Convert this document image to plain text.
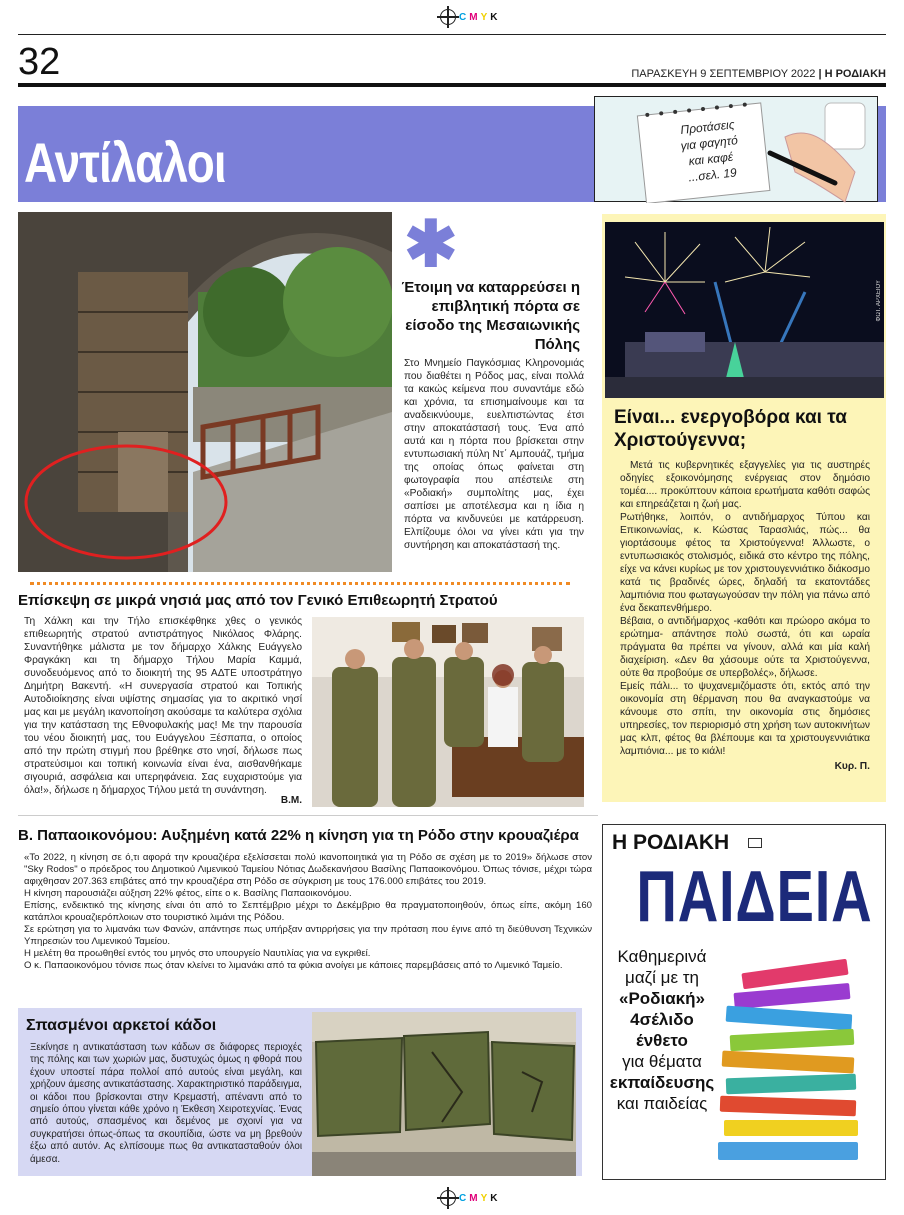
C M Y K
32	ΠΑΡΑΣΚΕΥΗ 9 ΣΕΠΤΕΜΒΡΙΟΥ 2022 | Η ΡΟΔΙΑΚΗ
Αντίλαλοι
Προτάσεις
για φαγητό
και καφέ
...σελ. 19
✱
Έτοιμη να καταρρεύσει η επιβλητική πόρτα σε είσοδο της Μεσαιωνικής Πόλης
Στο Μνημείο Παγκόσμιας Κληρονομιάς που διαθέτει η Ρόδος μας, είναι πολλά τα κακώς κείμενα που συναντάμε εδώ και χρόνια, τα επισημαίνουμε και τα αναδεικνύουμε, ευελπιστώντας έτσι στην αποκατάστασή τους. Ένα από αυτά και η πόρτα που βρίσκεται στην εντυπωσιακή πύλη Ντ΄ Αμπουάζ, τμήμα της οποίας όπως φαίνεται στη φωτογραφία που απέστειλε στη «Ροδιακή» συμπολίτης μας, έχει σαπίσει με αποτέλεσμα και η ίδια η πόρτα να κινδυνεύει με κατάρρευση. Ελπίζουμε όλοι να γίνει κάτι για την συντήρηση και αποκατάστασή της.
ΦΩΤ. ΑΡΧΕΙΟΥ
Είναι... ενεργοβόρα και τα Χριστούγεννα;

Μετά τις κυβερνητικές εξαγγελίες για τις αυστηρές οδηγίες εξοικονόμησης ενέργειας στον δημόσιο τομέα.... προκύπτουν κάποια ερωτήματα καθότι σαφώς και επηρεάζεται η ζωή μας.

Ρωτήθηκε, λοιπόν, ο αντιδήμαρχος Τύπου και Επικοινωνίας, κ. Κώστας Ταρασλιάς, πώς... θα γιορτάσουμε φέτος τα Χριστούγεννα! Άλλωστε, ο εντυπωσιακός στολισμός, ειδικά στο κέντρο της πόλης, είχε να κάνει κυρίως με τον χριστουγεννιάτικο διάκοσμο κατά τις βραδινές ώρες, δηλαδή τα εκατοντάδες λαμπιόνια που φωταγωγούσαν την πόλη για πάνω από ένα δεκαπενθήμερο.

Βέβαια, ο αντιδήμαρχος -καθότι και πρώορο ακόμα το ερώτημα- απάντησε πολύ σωστά, ότι και ωραία πράγματα θα πρέπει να γίνουν, αλλά και μία καλή διαχείριση. «Δεν θα χάσουμε ούτε τα Χριστούγεννα, ούτε θα προβούμε σε υπερβολές», δήλωσε.

Εμείς πάλι... το ψυχανεμιζόμαστε ότι, εκτός από την οικονομία στη θέρμανση που θα αναγκαστούμε να κάνουμε στο σπίτι, την οικονομία στις δημόσιες υπηρεσίες, τον περιορισμό στη χρήση των αυτοκινήτων μας κλπ, φέτος θα βλέπουμε και τα χριστουγεννιάτικα λαμπιόνια... με το κιάλι!

Κυρ. Π.

Επίσκεψη σε μικρά νησιά μας από τον Γενικό Επιθεωρητή Στρατού
Τη Χάλκη και την Τήλο επισκέφθηκε χθες ο γενικός επιθεωρητής στρατού αντιστράτηγος Νικόλαος Φλάρης. Συναντήθηκε μάλιστα με τον δήμαρχο Χάλκης Ευάγγελο Φραγκάκη και τη δήμαρχο Τήλου Μαρία Καμμά, συνοδευόμενος από το διοικητή της 95 ΑΔΤΕ υποστράτηγο Δημήτρη Βακεντή. «Η συνεργασία στρατού και Τοπικής Αυτοδιοίκησης είναι υψίστης σημασίας για το ακριτικό νησί μας και με μεγάλη ικανοποίηση ακούσαμε τα καλύτερα σχόλια για την κατάσταση της Εθνοφυλακής μας! Με την παρουσία του νέου διοικητή μας, του Ευάγγελου Ξέσπαπα, ο οποίος από την πρώτη στιγμή που βρέθηκε στο νησί, δήλωσε πως στρατεύσιμοι και τοπική κοινωνία είναι ένα, αισθανθήκαμε σιγουριά, ασφάλεια και υπερηφάνεια. Σας ευχαριστούμε για όλα!», δήλωσε η δήμαρχος Τήλου μετά τη συνάντηση.
Β.Μ.
Β. Παπαοικονόμου: Αυξημένη κατά 22% η κίνηση για τη Ρόδο στην κρουαζιέρα

«Το 2022, η κίνηση σε ό,τι αφορά την κρουαζιέρα εξελίσσεται πολύ ικανοποιητικά για τη Ρόδο σε σχέση με το 2019» δήλωσε στον "Sky Rodos" ο πρόεδρος του Δημοτικού Λιμενικού Ταμείου Νότιας Δωδεκανήσου Βασίλης Παπαοικονόμου. Όπως τόνισε, μέχρι τώρα αφιχθησαν 207.363 επιβάτες από την κρουαζιέρα στη Ρόδο σε σύγκριση με τους 176.000 επιβάτες του 2019.

Η κίνηση παρουσιάζει αύξηση 22% φέτος, είπε ο κ. Βασίλης Παπαοικονόμου.

Επίσης, ενδεικτικό της κίνησης είναι ότι από το Σεπτέμβριο μέχρι το Δεκέμβριο θα πραγματοποιηθούν, όπως είπε, ακόμη 160 κατάπλοι κρουαζιερόπλοιων στο τουριστικό λιμάνι της Ρόδου.

Σε ερώτηση για το λιμανάκι των Φανών, απάντησε πως υπήρξαν αντιρρήσεις για την πρόταση που έγινε από τη διεύθυνση Τεχνικών Υπηρεσιών του Λιμενικού Ταμείου.

Η μελέτη θα προωθηθεί εντός του μηνός στο υπουργείο Ναυτιλίας για να εγκριθεί.

Ο κ. Παπαοικονόμου τόνισε πως όταν κλείνει το λιμανάκι από τα φύκια ανοίγει με κάποιες παρεμβάσεις από το Λιμενικό Ταμείο.

Σπασμένοι αρκετοί κάδοι
Ξεκίνησε η αντικατάσταση των κάδων σε διάφορες περιοχές της πόλης και των χωριών μας, δυστυχώς όμως η φθορά που έχουν υποστεί πάρα πολλοί από αυτούς είναι μεγάλη, και χρήζουν άμεσης αντικατάστασης. Χαρακτηριστικό παράδειγμα, οι κάδοι που βρίσκονται στην Κρεμαστή, απέναντι από το σημείο όπου γίνεται κάθε χρόνο η Έκθεση Χειροτεχνίας. Ένας από αυτούς, σπασμένος και δεμένος με σχοινί για να συγκρατήσει όπως-όπως τα σκουπίδια, ώστε να μη βρεθούν έξω από αυτόν. Ας ελπίσουμε πως θα αντικατασταθούν όλοι άμεσα.
Η ΡΟΔΙΑΚΗ
ΠΑΙΔΕΙΑ
Καθημερινά
μαζί με τη
«Ροδιακή»
4σέλιδο
ένθετο
για θέματα
εκπαίδευσης
και παιδείας
C M Y K
